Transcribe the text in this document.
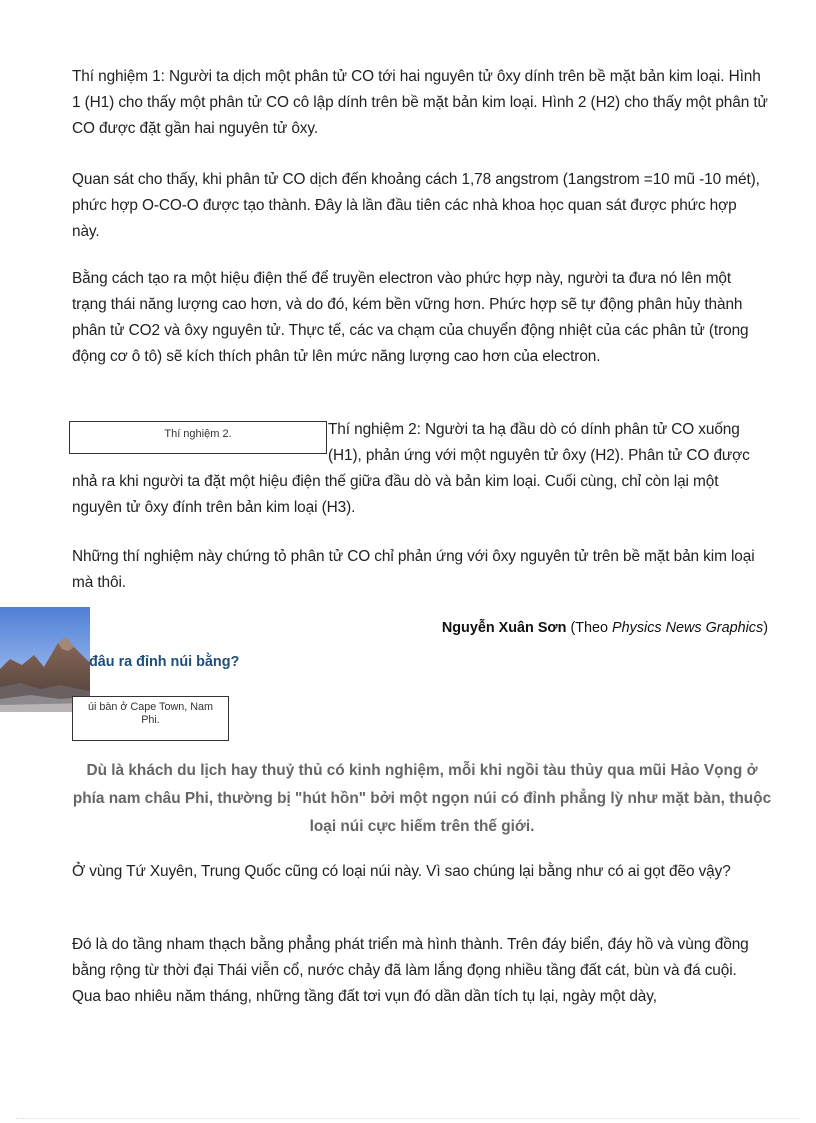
Thí nghiệm 1: Người ta dịch một phân tử CO tới hai nguyên tử ôxy dính trên bề mặt bản kim loại. Hình 1 (H1) cho thấy một phân tử CO cô lập dính trên bề mặt bản kim loại. Hình 2 (H2) cho thấy một phân tử CO được đặt gần hai nguyên tử ôxy.

Quan sát cho thấy, khi phân tử CO dịch đến khoảng cách 1,78 angstrom (1angstrom =10 mũ -10 mét), phức hợp O-CO-O được tạo thành. Đây là lần đầu tiên các nhà khoa học quan sát được phức hợp này.

Bằng cách tạo ra một hiệu điện thế để truyền electron vào phức hợp này, người ta đưa nó lên một trạng thái năng lượng cao hơn, và do đó, kém bền vững hơn. Phức hợp sẽ tự động phân hủy thành phân tử CO2 và ôxy nguyên tử. Thực tế, các va chạm của chuyển động nhiệt của các phân tử (trong động cơ ô tô) sẽ kích thích phân tử lên mức năng lượng cao hơn của electron.

Thí nghiệm 2.	Thí nghiệm 2: Người ta hạ đầu dò có dính phân tử CO xuống (H1), phản ứng với một nguyên tử ôxy (H2). Phân tử CO được nhả ra khi người ta đặt một hiệu điện thế giữa đầu dò và bản kim loại. Cuối cùng, chỉ còn lại một nguyên tử ôxy đính trên bản kim loại (H3).

Những thí nghiệm này chứng tỏ phân tử CO chỉ phản ứng với ôxy nguyên tử trên bề mặt bản kim loại mà thôi.

Nguyễn Xuân Sơn (Theo Physics News Graphics)
đâu ra đỉnh núi bằng?
úi bàn ở Cape Town, Nam Phi.

Dù là khách du lịch hay thuỷ thủ có kinh nghiệm, mỗi khi ngồi tàu thủy qua mũi Hảo Vọng ở phía nam châu Phi, thường bị "hút hồn" bởi một ngọn núi có đỉnh phẳng lỳ như mặt bàn, thuộc loại núi cực hiếm trên thế giới.

Ở vùng Tứ Xuyên, Trung Quốc cũng có loại núi này. Vì sao chúng lại bằng như có ai gọt đẽo vậy?

Đó là do tầng nham thạch bằng phẳng phát triển mà hình thành. Trên đáy biển, đáy hồ và vùng đồng bằng rộng từ thời đại Thái viễn cổ, nước chảy đã làm lắng đọng nhiều tầng đất cát, bùn và đá cuội. Qua bao nhiêu năm tháng, những tầng đất tơi vụn đó dần dần tích tụ lại, ngày một dày,
